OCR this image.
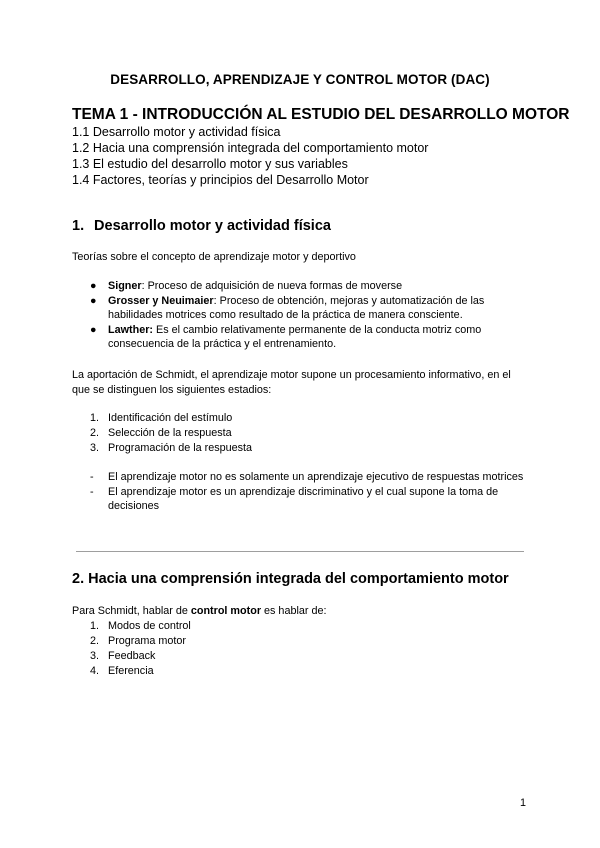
DESARROLLO, APRENDIZAJE Y CONTROL MOTOR (DAC)
TEMA 1 - INTRODUCCIÓN AL ESTUDIO DEL DESARROLLO MOTOR
1.1 Desarrollo motor y actividad física
1.2 Hacia una comprensión integrada del comportamiento motor
1.3 El estudio del desarrollo motor y sus variables
1.4 Factores, teorías y principios del Desarrollo Motor
1. Desarrollo motor y actividad física
Teorías sobre el concepto de aprendizaje motor y deportivo
● Signer: Proceso de adquisición de nueva formas de moverse
● Grosser y Neuimaier: Proceso de obtención, mejoras y automatización de las habilidades motrices como resultado de la práctica de manera consciente.
● Lawther: Es el cambio relativamente permanente de la conducta motriz como consecuencia de la práctica y el entrenamiento.
La aportación de Schmidt, el aprendizaje motor supone un procesamiento informativo, en el que se distinguen los siguientes estadios:
1. Identificación del estímulo
2. Selección de la respuesta
3. Programación de la respuesta
- El aprendizaje motor no es solamente un aprendizaje ejecutivo de respuestas motrices
- El aprendizaje motor es un aprendizaje discriminativo y el cual supone la toma de decisiones
2. Hacia una comprensión integrada del comportamiento motor
Para Schmidt, hablar de control motor es hablar de:
1. Modos de control
2. Programa motor
3. Feedback
4. Eferencia
1
